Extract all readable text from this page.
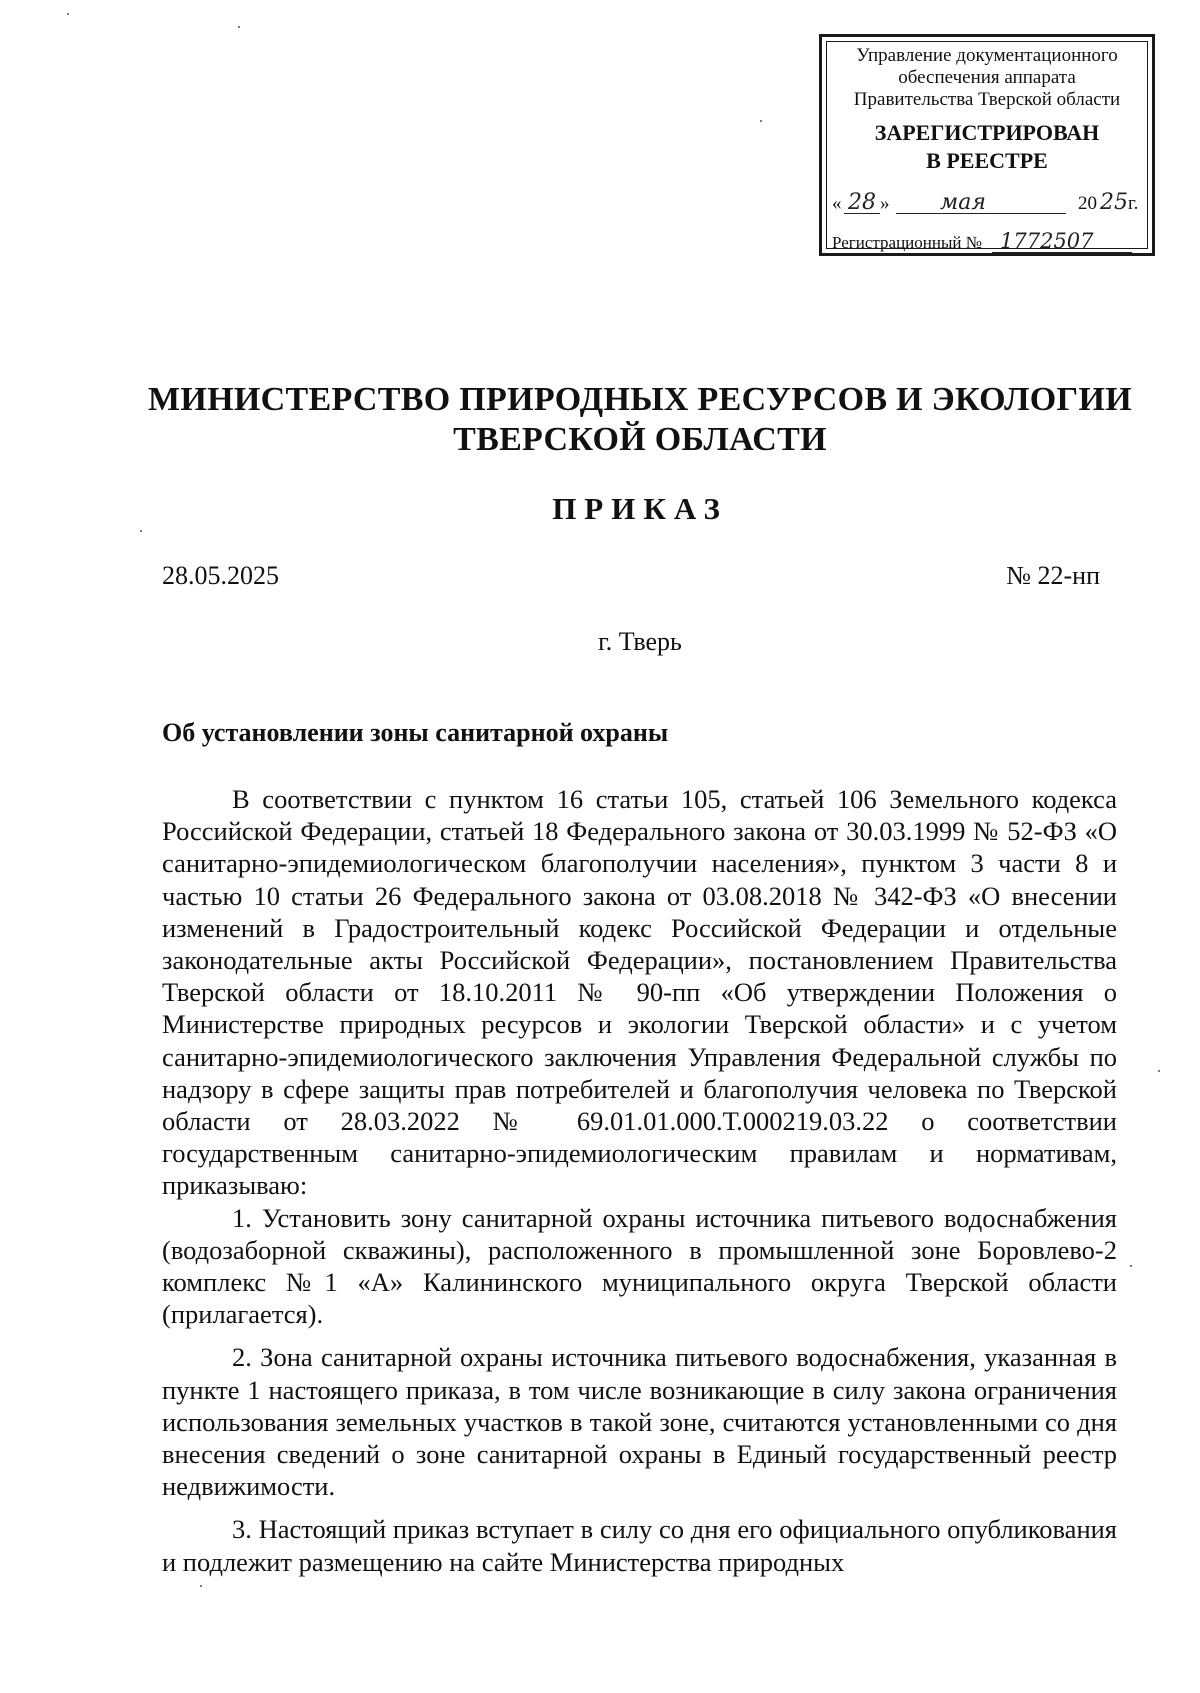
Управление документационного
обеспечения аппарата
Правительства Тверской области
ЗАРЕГИСТРИРОВАН
В РЕЕСТРЕ
« 28 » мая	20 25 г.
Регистрационный № 1772507
МИНИСТЕРСТВО ПРИРОДНЫХ РЕСУРСОВ И ЭКОЛОГИИ
ТВЕРСКОЙ ОБЛАСТИ
ПРИКАЗ
28.05.2025	№ 22-нп
г. Тверь
Об установлении зоны санитарной охраны

В соответствии с пунктом 16 статьи 105, статьей 106 Земельного кодекса Российской Федерации, статьей 18 Федерального закона от 30.03.1999 № 52-ФЗ «О санитарно-эпидемиологическом благополучии населения», пунктом 3 части 8 и частью 10 статьи 26 Федерального закона от 03.08.2018 № 342-ФЗ «О внесении изменений в Градостроительный кодекс Российской Федерации и отдельные законодательные акты Российской Федерации», постановлением Правительства Тверской области от 18.10.2011 № 90-пп «Об утверждении Положения о Министерстве природных ресурсов и экологии Тверской области» и с учетом санитарно-эпидемиологического заключения Управления Федеральной службы по надзору в сфере защиты прав потребителей и благополучия человека по Тверской области от 28.03.2022 № 69.01.01.000.Т.000219.03.22 о соответствии государственным санитарно-эпидемиологическим правилам и нормативам, приказываю:

1. Установить зону санитарной охраны источника питьевого водоснабжения (водозаборной скважины), расположенного в промышленной зоне Боровлево-2 комплекс №1 «А» Калининского муниципального округа Тверской области (прилагается).

2. Зона санитарной охраны источника питьевого водоснабжения, указанная в пункте 1 настоящего приказа, в том числе возникающие в силу закона ограничения использования земельных участков в такой зоне, считаются установленными со дня внесения сведений о зоне санитарной охраны в Единый государственный реестр недвижимости.

3. Настоящий приказ вступает в силу со дня его официального опубликования и подлежит размещению на сайте Министерства природных
